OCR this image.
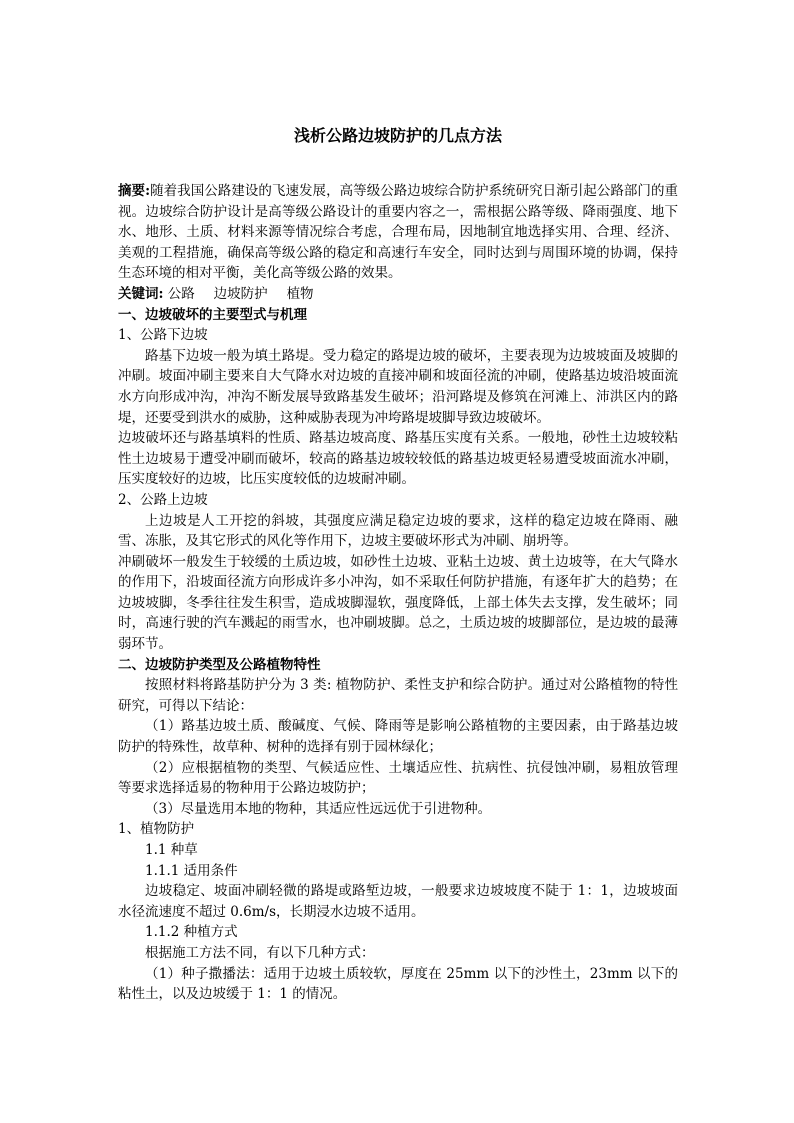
浅析公路边坡防护的几点方法

摘要:随着我国公路建设的飞速发展，高等级公路边坡综合防护系统研究日渐引起公路部门的重视。边坡综合防护设计是高等级公路设计的重要内容之一，需根据公路等级、降雨强度、地下水、地形、土质、材料来源等情况综合考虑，合理布局，因地制宜地选择实用、合理、经济、美观的工程措施，确保高等级公路的稳定和高速行车安全，同时达到与周围环境的协调，保持生态环境的相对平衡，美化高等级公路的效果。

关键词: 公路 边坡防护 植物

一、边坡破坏的主要型式与机理

1、公路下边坡

路基下边坡一般为填土路堤。受力稳定的路堤边坡的破坏，主要表现为边坡坡面及坡脚的冲刷。坡面冲刷主要来自大气降水对边坡的直接冲刷和坡面径流的冲刷，使路基边坡沿坡面流水方向形成冲沟，冲沟不断发展导致路基发生破坏；沿河路堤及修筑在河滩上、沛洪区内的路堤，还要受到洪水的威胁，这种威胁表现为冲垮路堤坡脚导致边坡破坏。

边坡破坏还与路基填料的性质、路基边坡高度、路基压实度有关系。一般地，砂性土边坡较粘性土边坡易于遭受冲刷而破坏，较高的路基边坡较较低的路基边坡更轻易遭受坡面流水冲刷，压实度较好的边坡，比压实度较低的边坡耐冲刷。

2、公路上边坡

上边坡是人工开挖的斜坡，其强度应满足稳定边坡的要求，这样的稳定边坡在降雨、融雪、冻胀，及其它形式的风化等作用下，边坡主要破坏形式为冲刷、崩坍等。

冲刷破坏一般发生于较缓的土质边坡，如砂性土边坡、亚粘土边坡、黄土边坡等，在大气降水的作用下，沿坡面径流方向形成许多小冲沟，如不采取任何防护措施，有逐年扩大的趋势；在边坡坡脚，冬季往往发生积雪，造成坡脚湿软，强度降低，上部土体失去支撑，发生破坏；同时，高速行驶的汽车溅起的雨雪水，也冲刷坡脚。总之，土质边坡的坡脚部位，是边坡的最薄弱环节。

二、边坡防护类型及公路植物特性

按照材料将路基防护分为 3 类: 植物防护、柔性支护和综合防护。通过对公路植物的特性研究，可得以下结论：

（1）路基边坡土质、酸碱度、气候、降雨等是影响公路植物的主要因素，由于路基边坡防护的特殊性，故草种、树种的选择有别于园林绿化；

（2）应根据植物的类型、气候适应性、土壤适应性、抗病性、抗侵蚀冲刷，易粗放管理等要求选择适易的物种用于公路边坡防护；

（3）尽量选用本地的物种，其适应性远远优于引进物种。

1、植物防护

1.1 种草

1.1.1 适用条件

边坡稳定、坡面冲刷轻微的路堤或路堑边坡，一般要求边坡坡度不陡于 1：1，边坡坡面水径流速度不超过 0.6m/s，长期浸水边坡不适用。

1.1.2 种植方式

根据施工方法不同，有以下几种方式：

（1）种子撒播法：适用于边坡土质较软，厚度在 25mm 以下的沙性土，23mm 以下的粘性土，以及边坡缓于 1：1 的情况。
